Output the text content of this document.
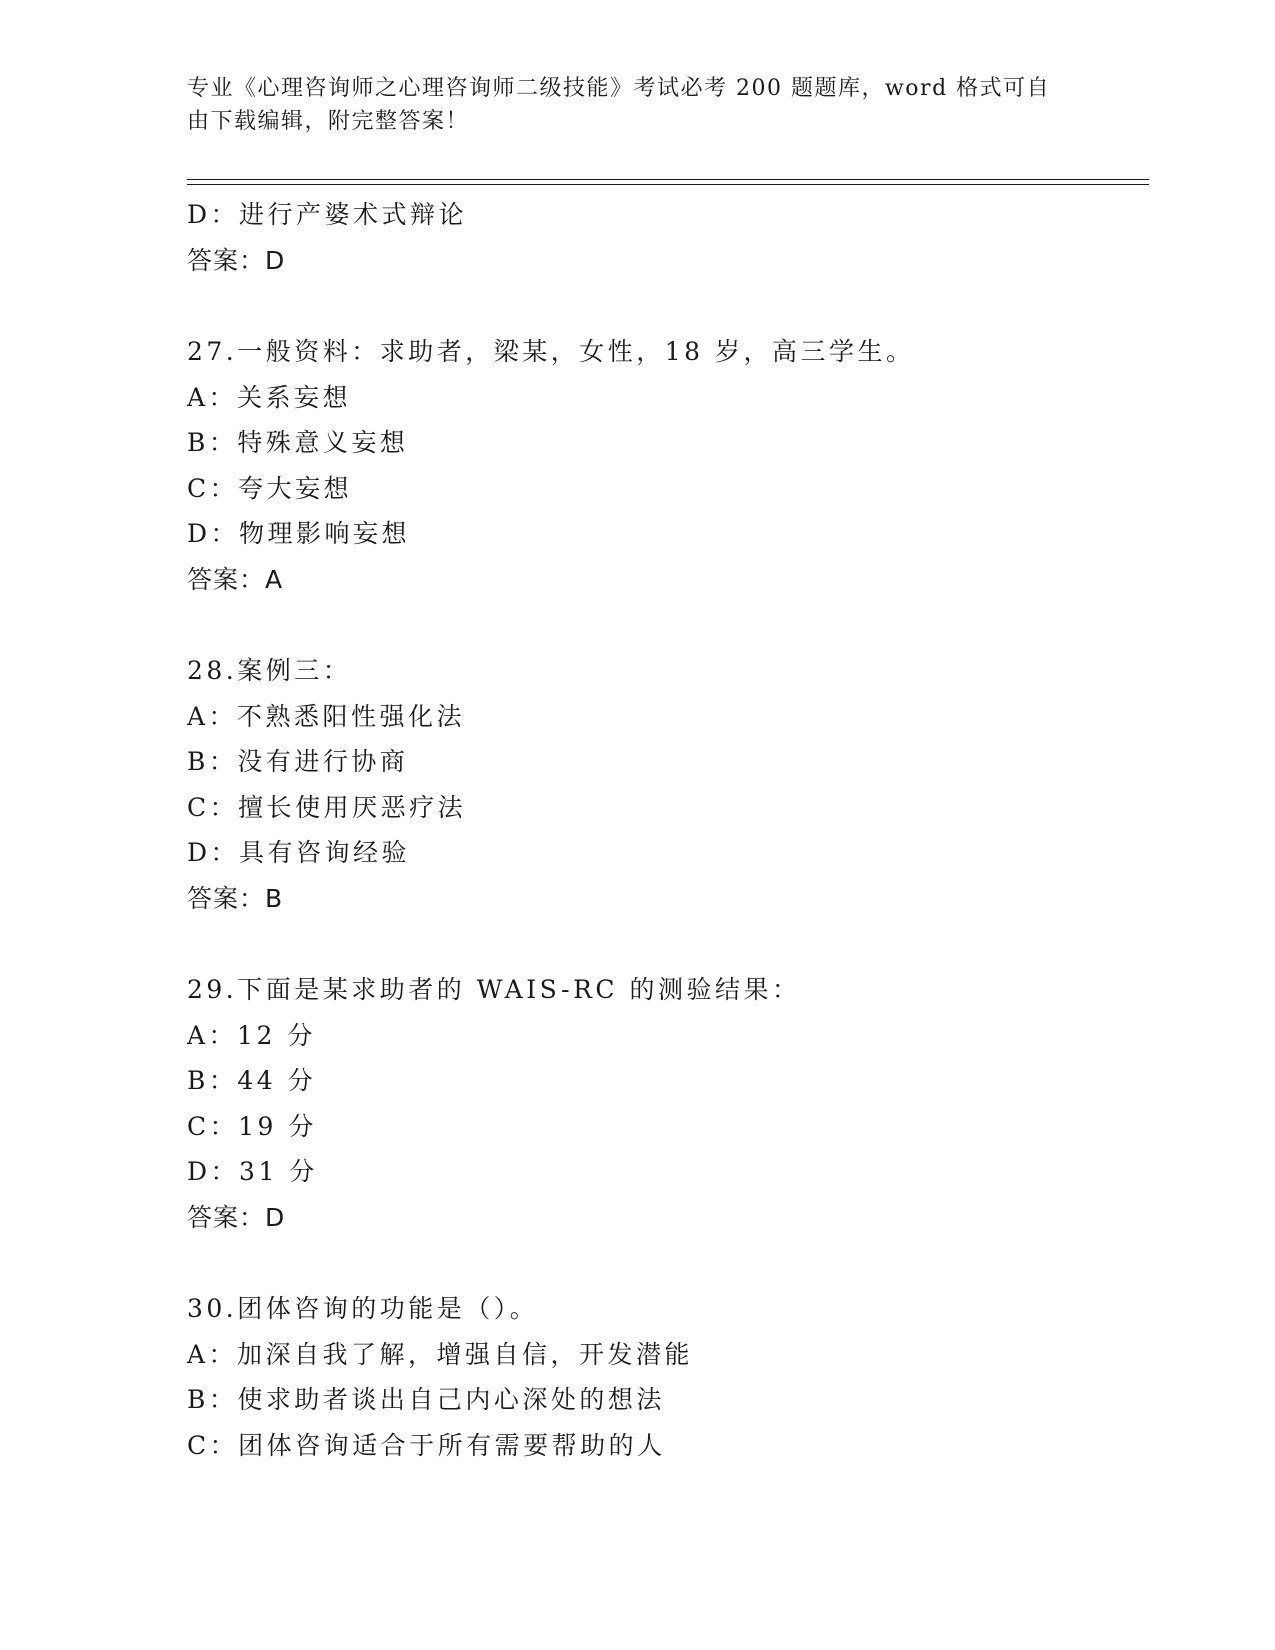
专业《心理咨询师之心理咨询师二级技能》考试必考 200 题题库，word 格式可自
由下载编辑，附完整答案！
D：进行产婆术式辩论
答案：D
27.一般资料：求助者，梁某，女性，18 岁，高三学生。
A：关系妄想
B：特殊意义妄想
C：夸大妄想
D：物理影响妄想
答案：A
28.案例三：
A：不熟悉阳性强化法
B：没有进行协商
C：擅长使用厌恶疗法
D：具有咨询经验
答案：B
29.下面是某求助者的 WAIS-RC 的测验结果：
A：12 分
B：44 分
C：19 分
D：31 分
答案：D
30.团体咨询的功能是（）。
A：加深自我了解，增强自信，开发潜能
B：使求助者谈出自己内心深处的想法
C：团体咨询适合于所有需要帮助的人
